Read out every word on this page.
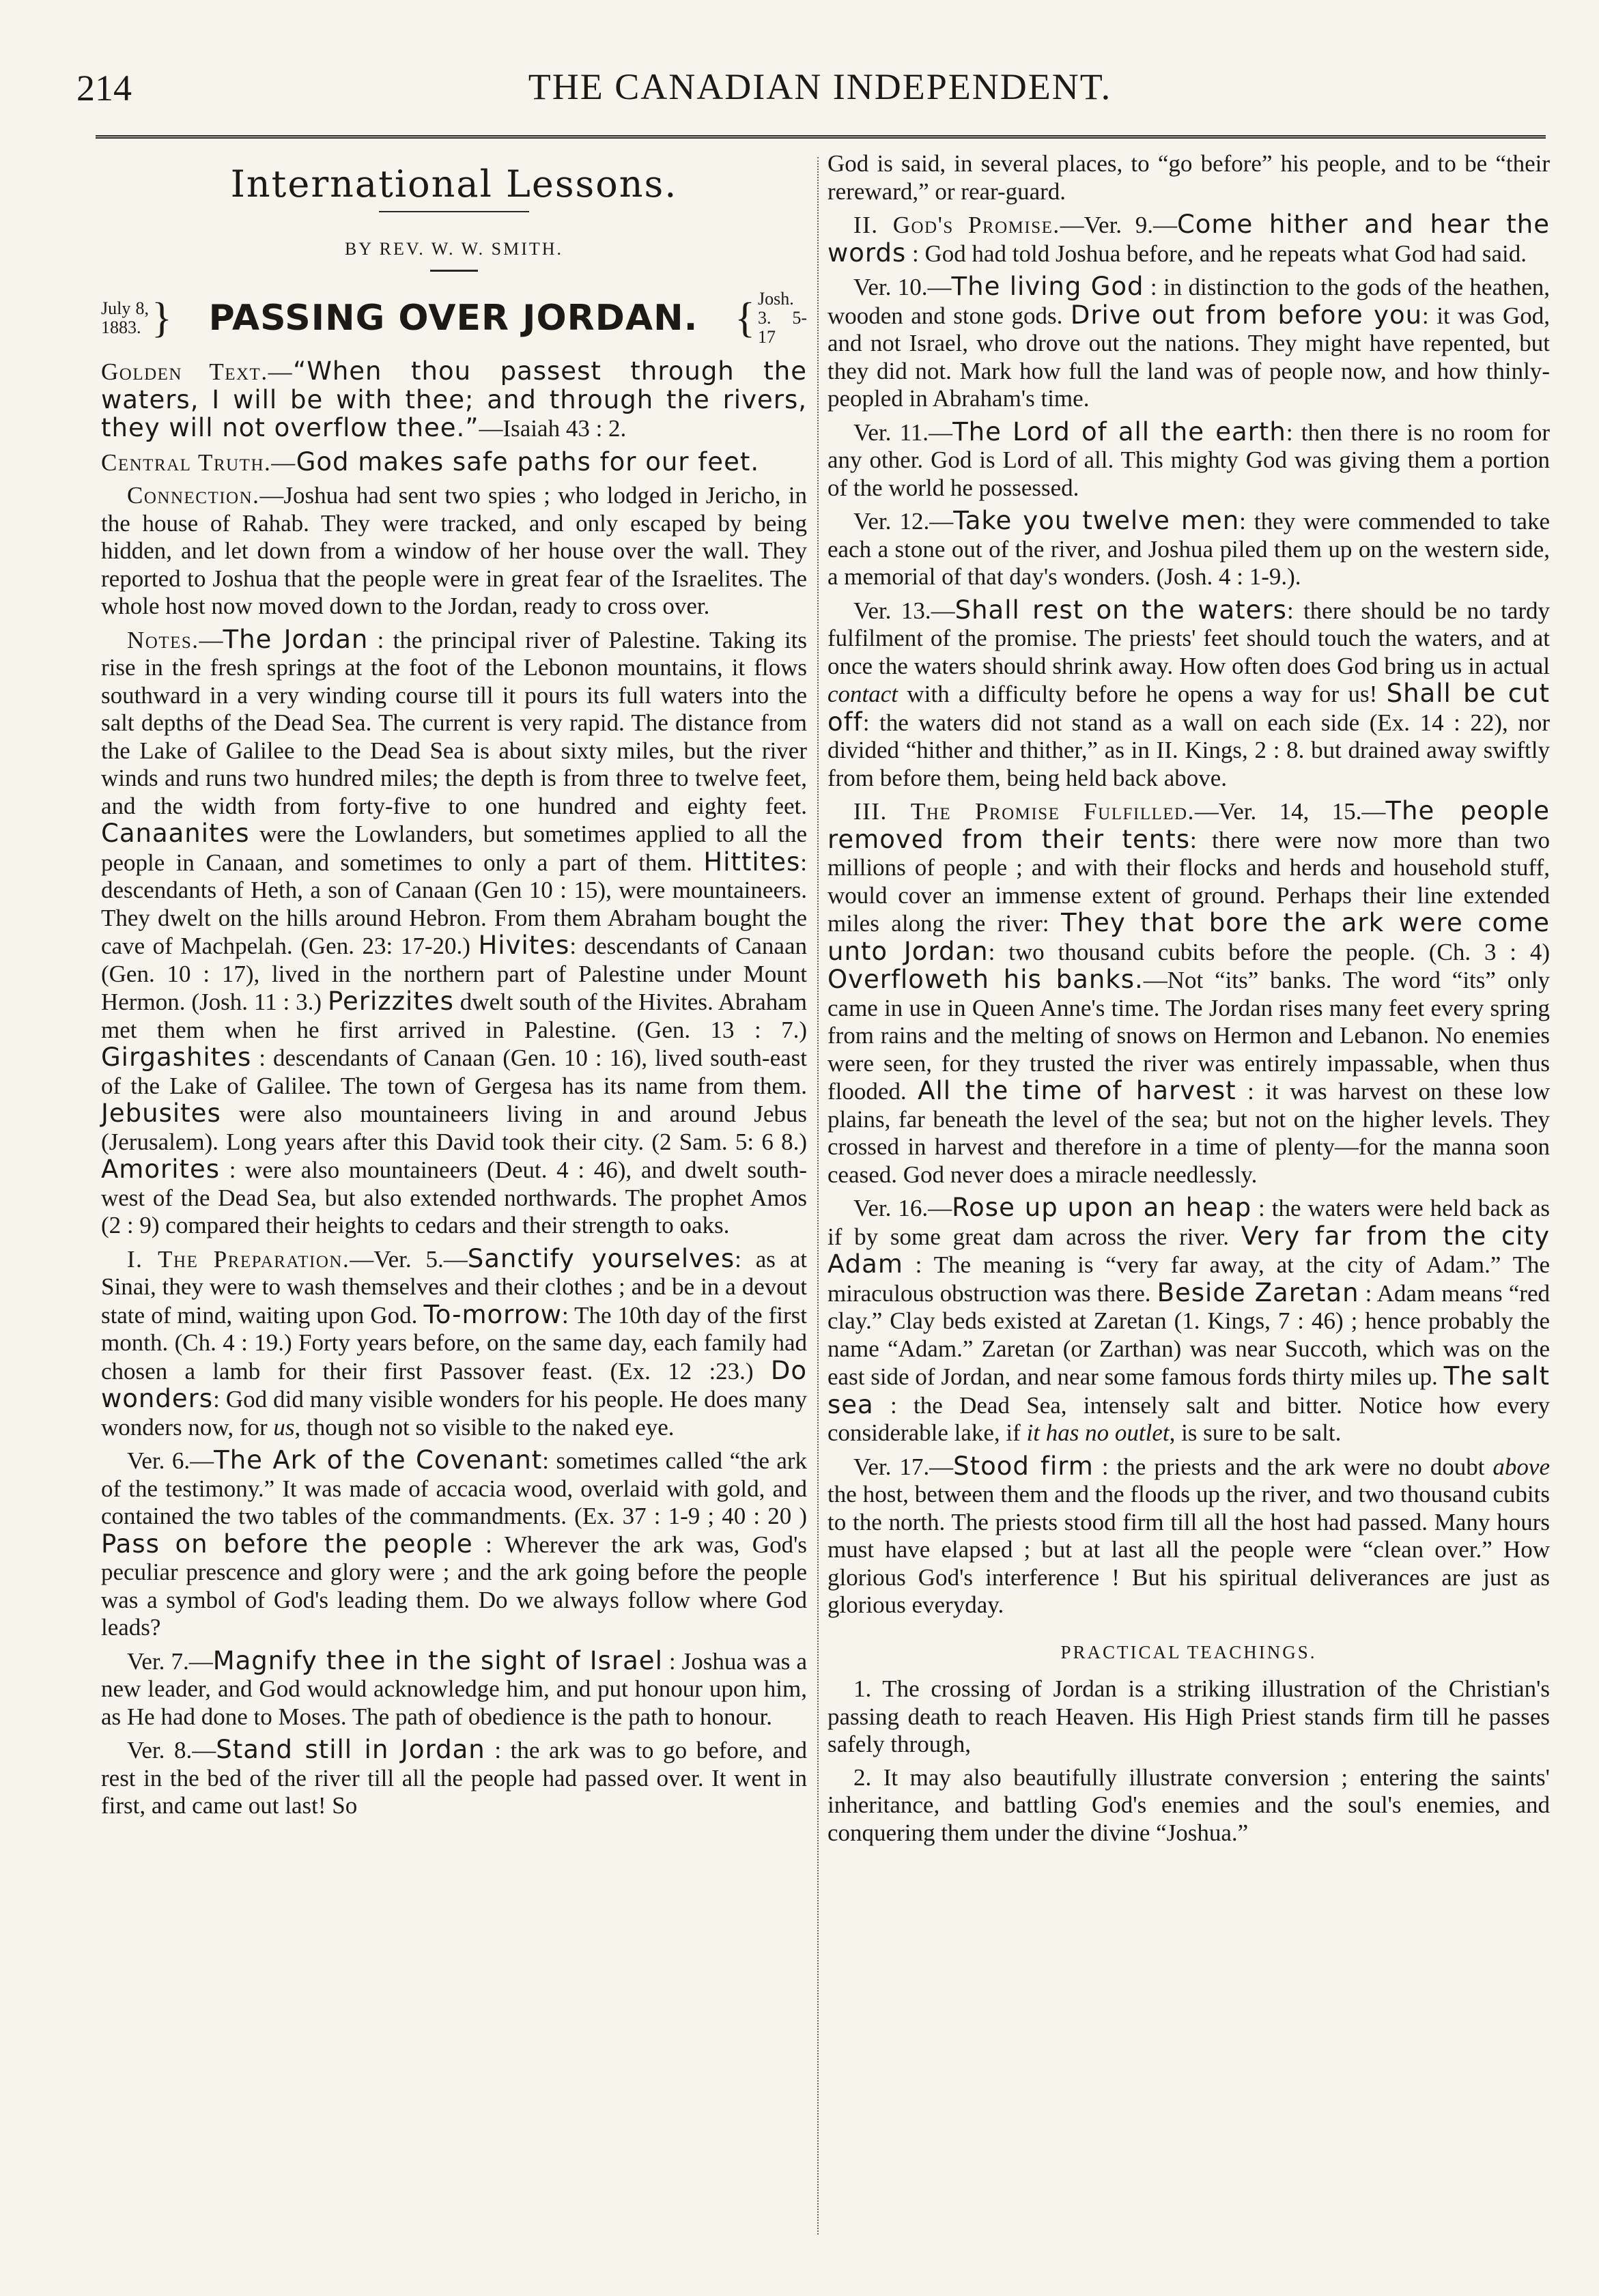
214	THE CANADIAN INDEPENDENT.
International Lessons.
BY REV. W. W. SMITH.
July 8, 1883. } PASSING OVER JORDAN. { Josh. 3. 5-17

Golden Text.—“When thou passest through the waters, I will be with thee; and through the rivers, they will not overflow thee.”—Isaiah 43 : 2.

Central Truth.—God makes safe paths for our feet.

Connection.—Joshua had sent two spies ; who lodged in Jericho, in the house of Rahab. They were tracked, and only escaped by being hidden, and let down from a window of her house over the wall. They reported to Joshua that the people were in great fear of the Israelites. The whole host now moved down to the Jordan, ready to cross over.

Notes.—The Jordan : the principal river of Palestine. Taking its rise in the fresh springs at the foot of the Lebonon mountains, it flows southward in a very winding course till it pours its full waters into the salt depths of the Dead Sea. The current is very rapid. The distance from the Lake of Galilee to the Dead Sea is about sixty miles, but the river winds and runs two hundred miles; the depth is from three to twelve feet, and the width from forty-five to one hundred and eighty feet. Canaanites were the Lowlanders, but sometimes applied to all the people in Canaan, and sometimes to only a part of them. Hittites: descendants of Heth, a son of Canaan (Gen 10 : 15), were mountaineers. They dwelt on the hills around Hebron. From them Abraham bought the cave of Machpelah. (Gen. 23: 17-20.) Hivites: descendants of Canaan (Gen. 10 : 17), lived in the northern part of Palestine under Mount Hermon. (Josh. 11 : 3.) Perizzites dwelt south of the Hivites. Abraham met them when he first arrived in Palestine. (Gen. 13 : 7.) Girgashites : descendants of Canaan (Gen. 10 : 16), lived south-east of the Lake of Galilee. The town of Gergesa has its name from them. Jebusites were also mountaineers living in and around Jebus (Jerusalem). Long years after this David took their city. (2 Sam. 5: 6 8.) Amorites : were also mountaineers (Deut. 4 : 46), and dwelt south-west of the Dead Sea, but also extended northwards. The prophet Amos (2 : 9) compared their heights to cedars and their strength to oaks.

I. The Preparation.—Ver. 5.—Sanctify yourselves: as at Sinai, they were to wash themselves and their clothes ; and be in a devout state of mind, waiting upon God. To-morrow: The 10th day of the first month. (Ch. 4 : 19.) Forty years before, on the same day, each family had chosen a lamb for their first Passover feast. (Ex. 12 :23.) Do wonders: God did many visible wonders for his people. He does many wonders now, for us, though not so visible to the naked eye.

Ver. 6.—The Ark of the Covenant: sometimes called “the ark of the testimony.” It was made of accacia wood, overlaid with gold, and contained the two tables of the commandments. (Ex. 37 : 1-9 ; 40 : 20 ) Pass on before the people : Wherever the ark was, God's peculiar prescence and glory were ; and the ark going before the people was a symbol of God's leading them. Do we always follow where God leads?

Ver. 7.—Magnify thee in the sight of Israel : Joshua was a new leader, and God would acknowledge him, and put honour upon him, as He had done to Moses. The path of obedience is the path to honour.

Ver. 8.—Stand still in Jordan : the ark was to go before, and rest in the bed of the river till all the people had passed over. It went in first, and came out last! So

God is said, in several places, to “go before” his people, and to be “their rereward,” or rear-guard.

II. God's Promise.—Ver. 9.—Come hither and hear the words : God had told Joshua before, and he repeats what God had said.

Ver. 10.—The living God : in distinction to the gods of the heathen, wooden and stone gods. Drive out from before you: it was God, and not Israel, who drove out the nations. They might have repented, but they did not. Mark how full the land was of people now, and how thinly-peopled in Abraham's time.

Ver. 11.—The Lord of all the earth: then there is no room for any other. God is Lord of all. This mighty God was giving them a portion of the world he possessed.

Ver. 12.—Take you twelve men: they were commended to take each a stone out of the river, and Joshua piled them up on the western side, a memorial of that day's wonders. (Josh. 4 : 1-9.).

Ver. 13.—Shall rest on the waters: there should be no tardy fulfilment of the promise. The priests' feet should touch the waters, and at once the waters should shrink away. How often does God bring us in actual contact with a difficulty before he opens a way for us! Shall be cut off: the waters did not stand as a wall on each side (Ex. 14 : 22), nor divided “hither and thither,” as in II. Kings, 2 : 8. but drained away swiftly from before them, being held back above.

III. The Promise Fulfilled.—Ver. 14, 15.—The people removed from their tents: there were now more than two millions of people ; and with their flocks and herds and household stuff, would cover an immense extent of ground. Perhaps their line extended miles along the river: They that bore the ark were come unto Jordan: two thousand cubits before the people. (Ch. 3 : 4) Overfloweth his banks.—Not “its” banks. The word “its” only came in use in Queen Anne's time. The Jordan rises many feet every spring from rains and the melting of snows on Hermon and Lebanon. No enemies were seen, for they trusted the river was entirely impassable, when thus flooded. All the time of harvest : it was harvest on these low plains, far beneath the level of the sea; but not on the higher levels. They crossed in harvest and therefore in a time of plenty—for the manna soon ceased. God never does a miracle needlessly.

Ver. 16.—Rose up upon an heap : the waters were held back as if by some great dam across the river. Very far from the city Adam : The meaning is “very far away, at the city of Adam.” The miraculous obstruction was there. Beside Zaretan : Adam means “red clay.” Clay beds existed at Zaretan (1. Kings, 7 : 46) ; hence probably the name “Adam.” Zaretan (or Zarthan) was near Succoth, which was on the east side of Jordan, and near some famous fords thirty miles up. The salt sea : the Dead Sea, intensely salt and bitter. Notice how every considerable lake, if it has no outlet, is sure to be salt.

Ver. 17.—Stood firm : the priests and the ark were no doubt above the host, between them and the floods up the river, and two thousand cubits to the north. The priests stood firm till all the host had passed. Many hours must have elapsed ; but at last all the people were “clean over.” How glorious God's interference ! But his spiritual deliverances are just as glorious everyday.

PRACTICAL TEACHINGS.

1. The crossing of Jordan is a striking illustration of the Christian's passing death to reach Heaven. His High Priest stands firm till he passes safely through,

2. It may also beautifully illustrate conversion ; entering the saints' inheritance, and battling God's enemies and the soul's enemies, and conquering them under the divine “Joshua.”
